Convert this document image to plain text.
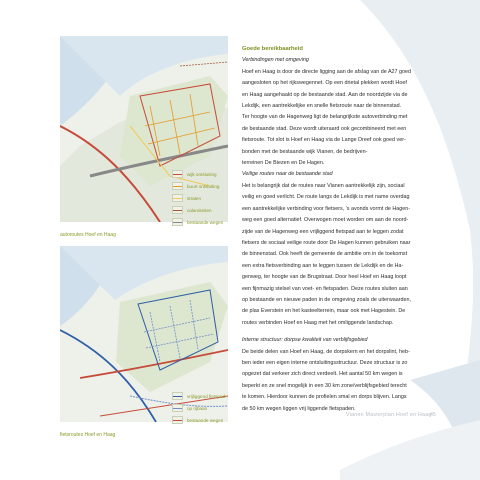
wijk ontsluiting
buurt ontsluiting
straten
calamiteiten
bestaande wegen
autoroutes Hoef en Haag
vrijliggend fietspad
op rijbaan
bestaande wegen
fietsroutes Hoef en Haag

Goede bereikbaarheid

Verbindingen met omgeving

Hoef en Haag is door de directe ligging aan de afslag van de A27 goed

aangesloten op het rijkswegennet. Op een drietal plekken wordt Hoef

en Haag aangehaakt op de bestaande stad. Aan de noordzijde via de

Lekdijk, een aantrekkelijke en snelle fietsroute naar de binnenstad.

Ter hoogte van de Hagenweg ligt de belangrijkste autoverbinding met

de bestaande stad. Deze wordt uiteraard ook gecombineerd met een

fietsroute. Tot slot is Hoef en Haag via de Lange Dreef ook goed ver-

bonden met de bestaande wijk Vianen, de bedrijven-

terreinen De Biezen en De Hagen.

Veilige routes naar de bestaande stad

Het is belangrijk dat de routes naar Vianen aantrekkelijk zijn, sociaal

veilig en goed verlicht. De route langs de Lekdijk is met name overdag

een aantrekkelijke verbinding voor fietsers, ’s avonds vormt de Hagen-

weg een goed alternatief. Overwogen moet worden om aan de noord-

zijde van de Hagenweg een vrijliggend fietspad aan te leggen zodat

fietsers de sociaal veilige route door De Hagen kunnen gebruiken naar

de binnenstad. Ook heeft de gemeente de ambitie om in de toekomst

een extra fietsverbinding aan te leggen tussen de Lekdijk en de Ha-

genweg, ter hoogte van de Brugstraat. Door heel Hoef en Haag loopt

een fijnmazig stelsel van voet- en fietspaden. Deze routes sluiten aan

op bestaande en nieuwe paden in de omgeving zoals de uiterwaarden,

de plas Everstein en het kasteelterrein, maar ook met Hagestein. De

routes verbinden Hoef en Haag met het omliggende landschap.

Interne structuur: dorpse kwaliteit van verblijfsgebied

De beide delen van Hoef en Haag, de dorpskern en het dorpslint, heb-

ben ieder een eigen interne ontsluitingsstructuur. Deze structuur is zo

opgezet dat verkeer zich direct verdeelt. Het aantal 50 km wegen is

beperkt en ze snel mogelijk in een 30 km zone/verblijfsgebied terecht

te komen. Hierdoor kunnen de profielen smal en dorps blijven. Langs

de 50 km wegen liggen vrij liggende fietspaden.

Vianen Masterplan Hoef en Haag
45
